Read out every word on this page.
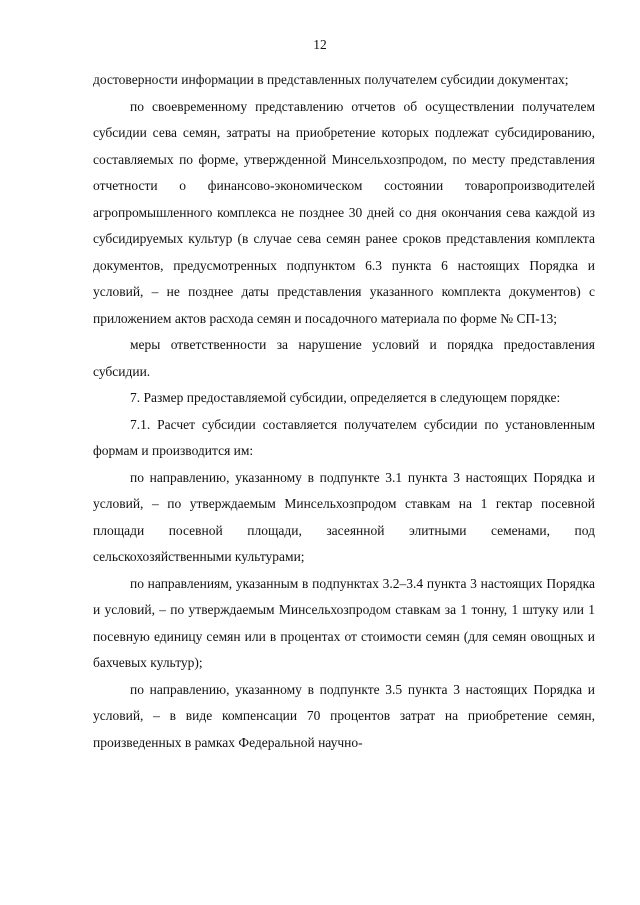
12

достоверности информации в представленных получателем субсидии документах;

по своевременному представлению отчетов об осуществлении получателем субсидии сева семян, затраты на приобретение которых подлежат субсидированию, составляемых по форме, утвержденной Минсельхозпродом, по месту представления отчетности о финансово-экономическом состоянии товаропроизводителей агропромышленного комплекса не позднее 30 дней со дня окончания сева каждой из субсидируемых культур (в случае сева семян ранее сроков представления комплекта документов, предусмотренных подпунктом 6.3 пункта 6 настоящих Порядка и условий, – не позднее даты представления указанного комплекта документов) с приложением актов расхода семян и посадочного материала по форме № СП-13;

меры ответственности за нарушение условий и порядка предоставления субсидии.

7. Размер предоставляемой субсидии, определяется в следующем порядке:

7.1. Расчет субсидии составляется получателем субсидии по установленным формам и производится им:

по направлению, указанному в подпункте 3.1 пункта 3 настоящих Порядка и условий, – по утверждаемым Минсельхозпродом ставкам на 1 гектар посевной площади посевной площади, засеянной элитными семенами, под сельскохозяйственными культурами;

по направлениям, указанным в подпунктах 3.2–3.4 пункта 3 настоящих Порядка и условий, – по утверждаемым Минсельхозпродом ставкам за 1 тонну, 1 штуку или 1 посевную единицу семян или в процентах от стоимости семян (для семян овощных и бахчевых культур);

по направлению, указанному в подпункте 3.5 пункта 3 настоящих Порядка и условий, – в виде компенсации 70 процентов затрат на приобретение семян, произведенных в рамках Федеральной научно-
